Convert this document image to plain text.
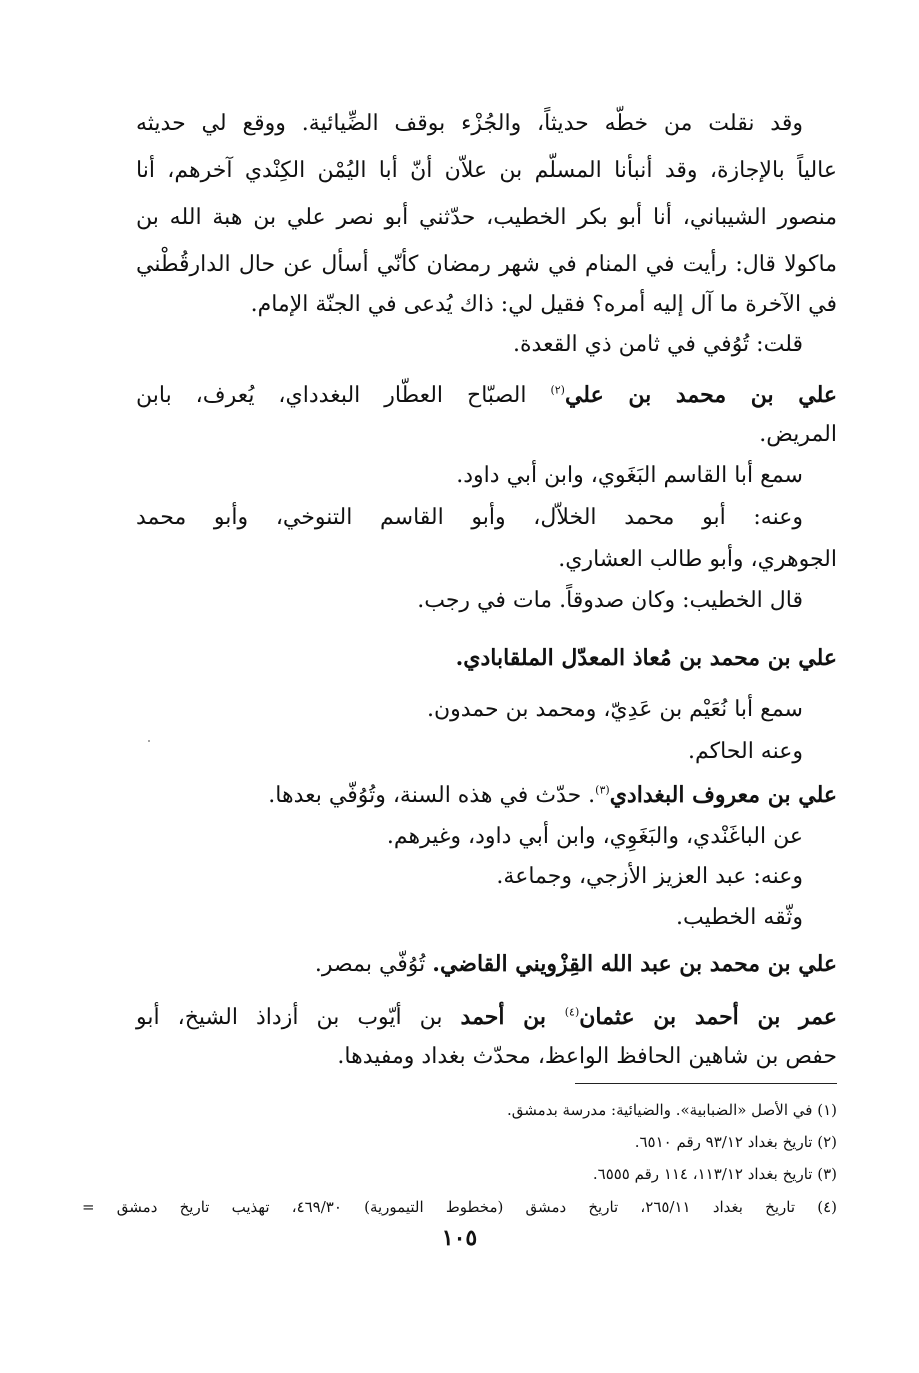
وقد نقلت من خطّه حديثاً، والجُزْء بوقف الضِّيائية. ووقع لي حديثه
عالياً بالإجازة، وقد أنبأنا المسلّم بن علاّن أنّ أبا اليُمْن الكِنْدي آخرهم، أنا
منصور الشيباني، أنا أبو بكر الخطيب، حدّثني أبو نصر علي بن هبة الله بن
ماكولا قال: رأيت في المنام في شهر رمضان كأنّي أسأل عن حال الدارقُطْني
في الآخرة ما آل إليه أمره؟ فقيل لي: ذاك يُدعى في الجنّة الإمام.
قلت: تُوُفي في ثامن ذي القعدة.
علي بن محمد بن علي$^{(٢)}$ الصبّاح العطّار البغدداي، يُعرف، بابن
المريض.
سمع أبا القاسم البَغَوي، وابن أبي داود.
وعنه: أبو محمد الخلاّل، وأبو القاسم التنوخي، وأبو محمد
الجوهري، وأبو طالب العشاري.
قال الخطيب: وكان صدوقاً. مات في رجب.
علي بن محمد بن مُعاذ المعدّل الملقابادي.
سمع أبا نُعَيْم بن عَدِيّ، ومحمد بن حمدون.
وعنه الحاكم.
علي بن معروف البغدادي$^{(٣)}$. حدّث في هذه السنة، وتُوُفّي بعدها.
عن الباغَنْدي، والبَغَوِي، وابن أبي داود، وغيرهم.
وعنه: عبد العزيز الأزجي، وجماعة.
وثّقه الخطيب.
علي بن محمد بن عبد الله القِزْويني القاضي. تُوُفّي بمصر.
عمر بن أحمد بن عثمان$^{(٤)}$ بن أحمد بن أيّوب بن أزداذ الشيخ، أبو
حفص بن شاهين الحافظ الواعظ، محدّث بغداد ومفيدها.
(١) في الأصل «الضبابية». والضيائية: مدرسة بدمشق.
(٢) تاريخ بغداد ٩٣/١٢ رقم ٦٥١٠.
(٣) تاريخ بغداد ١١٣/١٢، ١١٤ رقم ٦٥٥٥.
(٤) تاريخ بغداد ٢٦٥/١١، تاريخ دمشق (مخطوط التيمورية) ٤٦٩/٣٠، تهذيب تاريخ دمشق =
١٠٥
